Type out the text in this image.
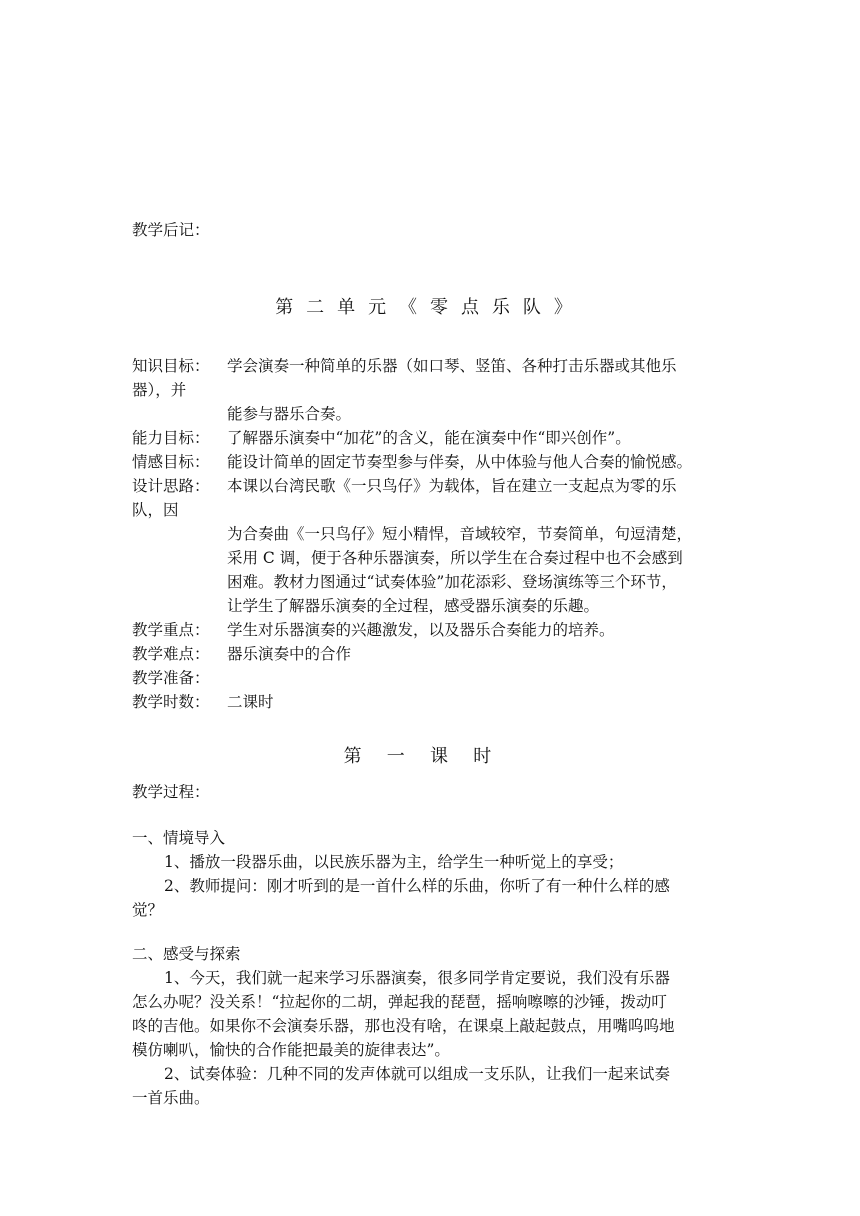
教学后记：
第二单元《零点乐队》
知识目标： 学会演奏一种简单的乐器（如口琴、竖笛、各种打击乐器或其他乐
器），并
能参与器乐合奏。
能力目标： 了解器乐演奏中“加花”的含义，能在演奏中作“即兴创作”。
情感目标： 能设计简单的固定节奏型参与伴奏，从中体验与他人合奏的愉悦感。
设计思路： 本课以台湾民歌《一只鸟仔》为载体，旨在建立一支起点为零的乐
队，因
为合奏曲《一只鸟仔》短小精悍，音域较窄，节奏简单，句逗清楚，
采用 C 调，便于各种乐器演奏，所以学生在合奏过程中也不会感到
困难。教材力图通过“试奏体验”加花添彩、登场演练等三个环节，
让学生了解器乐演奏的全过程，感受器乐演奏的乐趣。
教学重点： 学生对乐器演奏的兴趣激发，以及器乐合奏能力的培养。
教学难点： 器乐演奏中的合作
教学准备：
教学时数： 二课时
第一课时
教学过程：
一、情境导入
1、播放一段器乐曲，以民族乐器为主，给学生一种听觉上的享受；
2、教师提问：刚才听到的是一首什么样的乐曲，你听了有一种什么样的感
觉？
二、感受与探索
1、今天，我们就一起来学习乐器演奏，很多同学肯定要说，我们没有乐器
怎么办呢？没关系！“拉起你的二胡，弹起我的琵琶，摇响嚓嚓的沙锤，拨动叮
咚的吉他。如果你不会演奏乐器，那也没有啥，在课桌上敲起鼓点，用嘴呜呜地
模仿喇叭，愉快的合作能把最美的旋律表达”。
2、试奏体验：几种不同的发声体就可以组成一支乐队，让我们一起来试奏
一首乐曲。
